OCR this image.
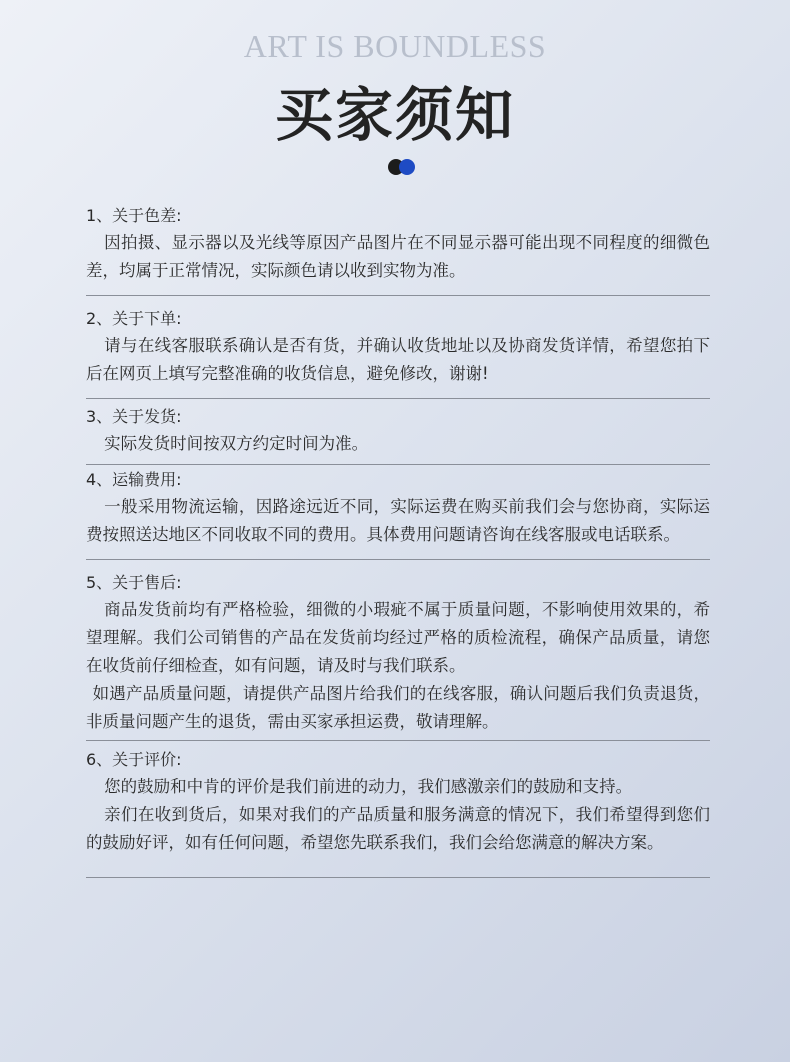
ART IS BOUNDLESS
买家须知
1、关于色差:
因拍摄、显示器以及光线等原因产品图片在不同显示器可能出现不同程度的细微色差，均属于正常情况，实际颜色请以收到实物为准。
2、关于下单:
请与在线客服联系确认是否有货，并确认收货地址以及协商发货详情，希望您拍下后在网页上填写完整准确的收货信息，避免修改，谢谢!
3、关于发货:
实际发货时间按双方约定时间为准。
4、运输费用:
一般采用物流运输，因路途远近不同，实际运费在购买前我们会与您协商，实际运费按照送达地区不同收取不同的费用。具体费用问题请咨询在线客服或电话联系。
5、关于售后:
商品发货前均有严格检验，细微的小瑕疵不属于质量问题，不影响使用效果的，希望理解。我们公司销售的产品在发货前均经过严格的质检流程，确保产品质量，请您在收货前仔细检查，如有问题，请及时与我们联系。
如遇产品质量问题，请提供产品图片给我们的在线客服，确认问题后我们负责退货，非质量问题产生的退货，需由买家承担运费，敬请理解。
6、关于评价:
您的鼓励和中肯的评价是我们前进的动力，我们感激亲们的鼓励和支持。
亲们在收到货后，如果对我们的产品质量和服务满意的情况下，我们希望得到您们的鼓励好评，如有任何问题，希望您先联系我们，我们会给您满意的解决方案。
